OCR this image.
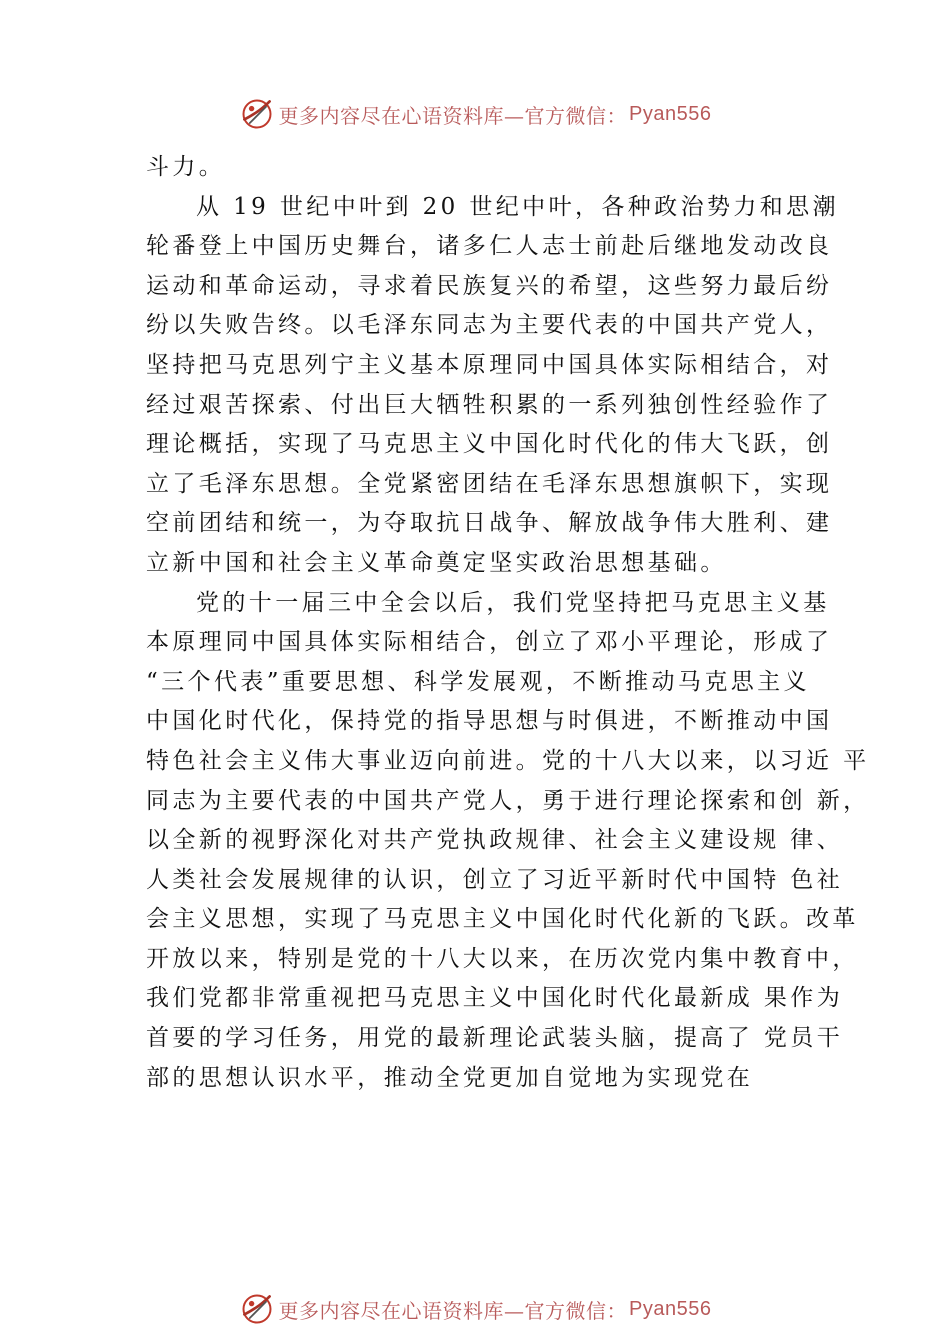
更多内容尽在心语资料库—官方微信： Pyan556
斗力。
从 19 世纪中叶到 20 世纪中叶，各种政治势力和思潮
轮番登上中国历史舞台，诸多仁人志士前赴后继地发动改良
运动和革命运动，寻求着民族复兴的希望，这些努力最后纷
纷以失败告终。以毛泽东同志为主要代表的中国共产党人，
坚持把马克思列宁主义基本原理同中国具体实际相结合，对
经过艰苦探索、付出巨大牺牲积累的一系列独创性经验作了
理论概括，实现了马克思主义中国化时代化的伟大飞跃，创
立了毛泽东思想。全党紧密团结在毛泽东思想旗帜下，实现
空前团结和统一，为夺取抗日战争、解放战争伟大胜利、建
立新中国和社会主义革命奠定坚实政治思想基础。
党的十一届三中全会以后，我们党坚持把马克思主义基
本原理同中国具体实际相结合，创立了邓小平理论，形成了
“三个代表”重要思想、科学发展观，不断推动马克思主义
中国化时代化，保持党的指导思想与时俱进，不断推动中国
特色社会主义伟大事业迈向前进。党的十八大以来，以习近 平
同志为主要代表的中国共产党人，勇于进行理论探索和创 新，
以全新的视野深化对共产党执政规律、社会主义建设规 律、
人类社会发展规律的认识，创立了习近平新时代中国特 色社
会主义思想，实现了马克思主义中国化时代化新的飞跃。改革
开放以来，特别是党的十八大以来，在历次党内集中教育中，
我们党都非常重视把马克思主义中国化时代化最新成 果作为
首要的学习任务，用党的最新理论武装头脑，提高了 党员干
部的思想认识水平，推动全党更加自觉地为实现党在
更多内容尽在心语资料库—官方微信： Pyan556
